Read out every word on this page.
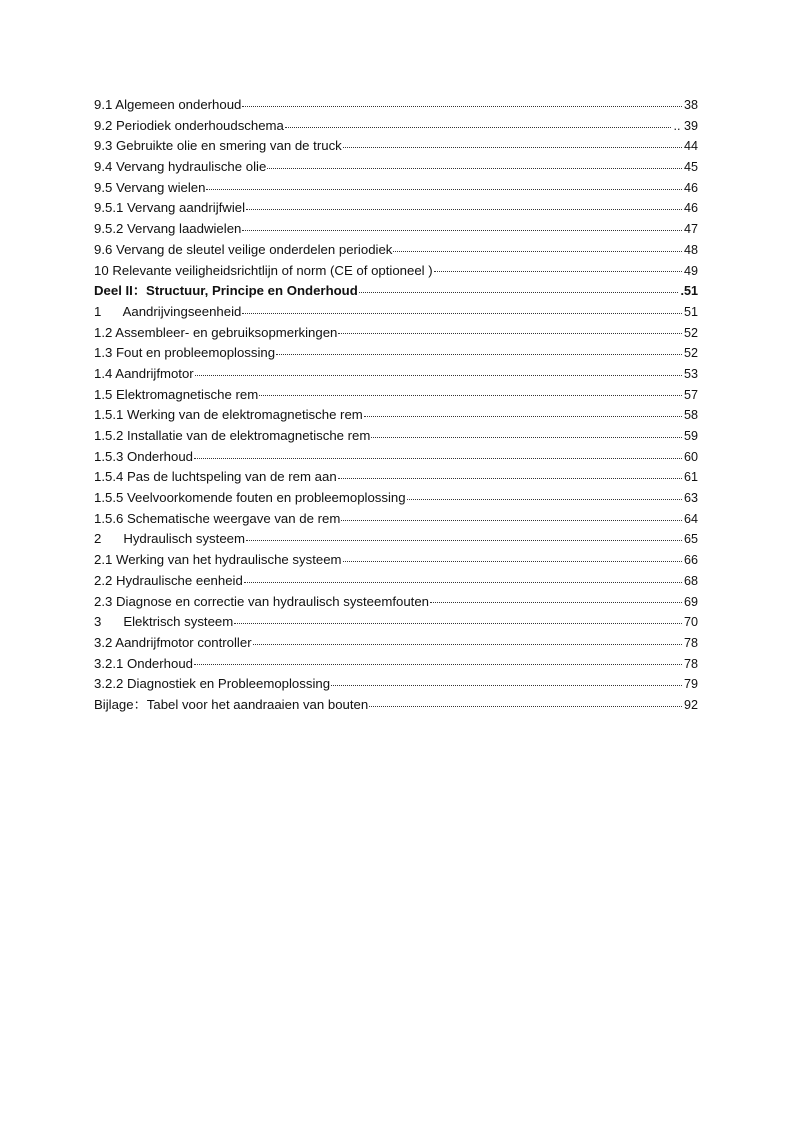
9.1 Algemeen onderhoud	38
9.2 Periodiek onderhoudschema	.. 39
9.3 Gebruikte olie en smering van de truck	44
9.4 Vervang hydraulische olie	45
9.5 Vervang wielen	46
9.5.1 Vervang aandrijfwiel	46
9.5.2 Vervang laadwielen	47
9.6 Vervang de sleutel veilige onderdelen periodiek	48
10 Relevante veiligheidsrichtlijn of norm (CE of optioneel )	49
Deel II：Structuur, Principe en Onderhoud	.51
1      Aandrijvingseenheid	51
1.2 Assembleer- en gebruiksopmerkingen	52
1.3 Fout en probleemoplossing	52
1.4 Aandrijfmotor	53
1.5 Elektromagnetische rem	57
1.5.1 Werking van de elektromagnetische rem	58
1.5.2 Installatie van de elektromagnetische rem	59
1.5.3 Onderhoud	60
1.5.4 Pas de luchtspeling van de rem aan	61
1.5.5 Veelvoorkomende fouten en probleemoplossing	63
1.5.6 Schematische weergave van de rem	64
2      Hydraulisch systeem	65
2.1 Werking van het hydraulische systeem	66
2.2 Hydraulische eenheid	68
2.3 Diagnose en correctie van hydraulisch systeemfouten	69
3      Elektrisch systeem	70
3.2 Aandrijfmotor controller	78
3.2.1 Onderhoud	78
3.2.2 Diagnostiek en Probleemoplossing	79
Bijlage：Tabel voor het aandraaien van bouten	92
